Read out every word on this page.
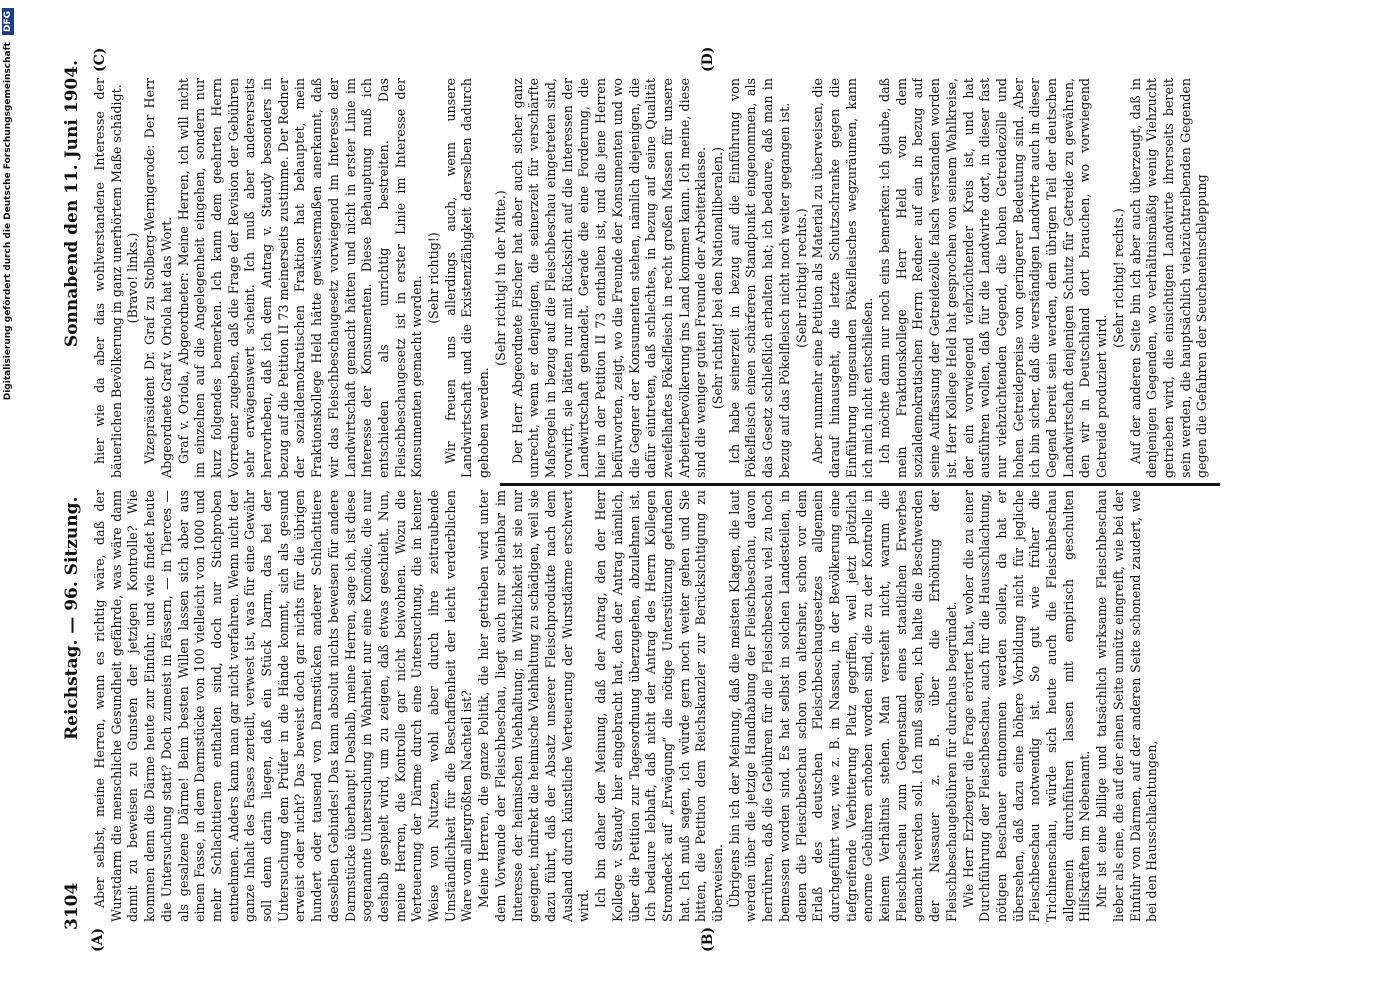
3104
Reichstag. — 96. Sitzung.
Sonnabend den 11. Juni 1904.
(A)	(B)
(C)	(D)

Aber selbst, meine Herren, wenn es richtig wäre, daß der Wurstdarm die menschliche Gesundheit gefährde, was wäre dann damit zu beweisen zu Gunsten der jetzigen Kontrolle? Wie kommen denn die Därme heute zur Einfuhr, und wie findet heute die Untersuchung statt? Doch zumeist in Fässern, — in Tierces — als gesalzene Därme! Beim besten Willen lassen sich aber aus einem Fasse, in dem Darmstücke von 100 vielleicht von 1000 und mehr Schlachttieren enthalten sind, doch nur Stichproben entnehmen. Anders kann man gar nicht verfahren. Wenn nicht der ganze Inhalt des Fasses zerteilt, verwest ist, was für eine Gewähr soll denn darin liegen, daß ein Stück Darm, das bei der Untersuchung dem Prüfer in die Hände kommt, sich als gesund erweist oder nicht? Das beweist doch gar nichts für die übrigen hundert oder tausend von Darmstücken anderer Schlachttiere desselben Gebindes! Das kann absolut nichts beweisen für andere Darmstücke überhaupt! Deshalb, meine Herren, sage ich, ist diese sogenannte Untersuchung in Wahrheit nur eine Komödie, die nur deshalb gespielt wird, um zu zeigen, daß etwas geschieht. Nun, meine Herren, die Kontrolle gar nicht beiwohnen. Wozu die Verteuerung der Därme durch eine Untersuchung, die in keiner Weise von Nutzen, wohl aber durch ihre zeitraubende Umständlichkeit für die Beschaffenheit der leicht verderblichen Ware vom allergrößten Nachteil ist? Meine Herren, die ganze Politik, die hier getrieben wird unter dem Vorwande der Fleischbeschau, liegt auch nur scheinbar im Interesse der heimischen Viehhaltung; in Wirklichkeit ist sie nur geeignet, indirekt die heimische Viehhaltung zu schädigen, weil sie dazu führt, daß der Absatz unserer Fleischprodukte nach dem Ausland durch künstliche Verteuerung der Wurstdärme erschwert wird. Ich bin daher der Meinung, daß der Antrag, den der Herr Kollege v. Staudy hier eingebracht hat, den der Antrag nämlich, über die Petition zur Tagesordnung überzugehen, abzulehnen ist. Ich bedaure lebhaft, daß nicht der Antrag des Herrn Kollegen Stromdeck auf „Erwägung“ die nötige Unterstützung gefunden hat. Ich muß sagen, ich würde gern noch weiter gehen und Sie bitten, die Petition dem Reichskanzler zur Berücksichtigung zu überweisen. Übrigens bin ich der Meinung, daß die meisten Klagen, die laut werden über die jetzige Handhabung der Fleischbeschau, davon herrühren, daß die Gebühren für die Fleischbeschau viel zu hoch bemessen worden sind. Es hat selbst in solchen Landesteilen, in denen die Fleischbeschau schon von altersher, schon vor dem Erlaß des deutschen Fleischbeschaugesetzes allgemein durchgeführt war, wie z. B. in Nassau, in der Bevölkerung eine tiefgreifende Verbitterung Platz gegriffen, weil jetzt plötzlich enorme Gebühren erhoben worden sind, die zu der Kontrolle in keinem Verhältnis stehen. Man versteht nicht, warum die Fleischbeschau zum Gegenstand eines staatlichen Erwerbes gemacht werden soll. Ich muß sagen, ich halte die Beschwerden der Nassauer z. B. über die Erhöhung der Fleischbeschaugebühren für durchaus begründet. Wie Herr Erzberger die Frage erörtert hat, woher die zu einer Durchführung der Fleischbeschau, auch für die Hausschlachtung, nötigen Beschauer entnommen werden sollen, da hat er übersehen, daß dazu eine höhere Vorbildung nicht für jegliche Fleischbeschau notwendig ist. So gut wie früher die Trichinenschau, würde sich heute auch die Fleischbeschau allgemein durchführen lassen mit empirisch geschulten Hilfskräften im Nebenamt. Mir ist eine billige und tatsächlich wirksame Fleischbeschau lieber als eine, die auf der einen Seite unnütz eingreift, wie bei der Einfuhr von Därmen, auf der anderen Seite schonend zaudert, wie bei den Hausschlachtungen,

hier wie da aber das wohlverstandene Interesse der bäuerlichen Bevölkerung in ganz unerhörtem Maße schädigt. (Bravo! links.) Vizepräsident Dr. Graf zu Stolberg-Wernigerode: Der Herr Abgeordnete Graf v. Oriola hat das Wort. Graf v. Oriola, Abgeordneter: Meine Herren, ich will nicht im einzelnen auf die Angelegenheit eingehen, sondern nur kurz folgendes bemerken. Ich kann dem geehrten Herrn Vorredner zugeben, daß die Frage der Revision der Gebühren sehr erwägenswert scheint. Ich muß aber andererseits hervorheben, daß ich dem Antrag v. Staudy besonders in bezug auf die Petition II 73 meinerseits zustimme. Der Redner der sozialdemokratischen Fraktion hat behauptet, mein Fraktionskollege Held hätte gewissermaßen anerkannt, daß wir das Fleischbeschaugesetz vorwiegend im Interesse der Landwirtschaft gemacht hätten und nicht in erster Linie im Interesse der Konsumenten. Diese Behauptung muß ich entschieden als unrichtig bestreiten. Das Fleischbeschaugesetz ist in erster Linie im Interesse der Konsumenten gemacht worden. (Sehr richtig!) Wir freuen uns allerdings auch, wenn unsere Landwirtschaft und die Existenzfähigkeit derselben dadurch gehoben werden.

(Sehr richtig! in der Mitte.) Der Herr Abgeordnete Fischer hat aber auch sicher ganz unrecht, wenn er denjenigen, die seinerzeit für verschärfte Maßregeln in bezug auf die Fleischbeschau eingetreten sind, vorwirft, sie hätten nur mit Rücksicht auf die Interessen der Landwirtschaft gehandelt. Gerade die eine Forderung, die hier in der Petition II 73 enthalten ist, und die jene Herren befürworten, zeigt, wo die Freunde der Konsumenten und wo die Gegner der Konsumenten stehen, nämlich diejenigen, die dafür eintreten, daß schlechtes, in bezug auf seine Qualität zweifelhaftes Pökelfleisch in recht großen Massen für unsere Arbeiterbevölkerung ins Land kommen kann. Ich meine, diese sind die weniger guten Freunde der Arbeiterklasse. (Sehr richtig! bei den Nationalliberalen.) Ich habe seinerzeit in bezug auf die Einführung von Pökelfleisch einen schärferen Standpunkt eingenommen, als das Gesetz schließlich erhalten hat; ich bedaure, daß man in bezug auf das Pökelfleisch nicht noch weiter gegangen ist. (Sehr richtig! rechts.) Aber nunmehr eine Petition als Material zu überweisen, die darauf hinausgeht, die letzte Schutzschranke gegen die Einführung ungesunden Pökelfleisches wegzuräumen, kann ich mich nicht entschließen. Ich möchte dann nur noch eins bemerken: ich glaube, daß mein Fraktionskollege Herr Held von dem sozialdemokratischen Herrn Redner auf ein in bezug auf seine Auffassung der Getreidezölle falsch verstanden worden ist. Herr Kollege Held hat gesprochen von seinem Wahlkreise, der ein vorwiegend viehzüchtender Kreis ist, und hat ausführen wollen, daß für die Landwirte dort, in dieser fast nur viehzüchtenden Gegend, die hohen Getreidezölle und hohen Getreidepreise von geringerer Bedeutung sind. Aber ich bin sicher, daß die verständigen Landwirte auch in dieser Gegend bereit sein werden, dem übrigen Teil der deutschen Landwirtschaft denjenigen Schutz für Getreide zu gewähren, den wir in Deutschland dort brauchen, wo vorwiegend Getreide produziert wird.

(Sehr richtig! rechts.) Auf der anderen Seite bin ich aber auch überzeugt, daß in denjenigen Gegenden, wo verhältnismäßig wenig Viehzucht getrieben wird, die einsichtigen Landwirte ihrerseits bereit sein werden, die hauptsächlich viehzüchtreibenden Gegenden gegen die Gefahren der Seucheneinschleppung

Digitalisierung gefördert durch die Deutsche Forschungsgemeinschaft DFG
